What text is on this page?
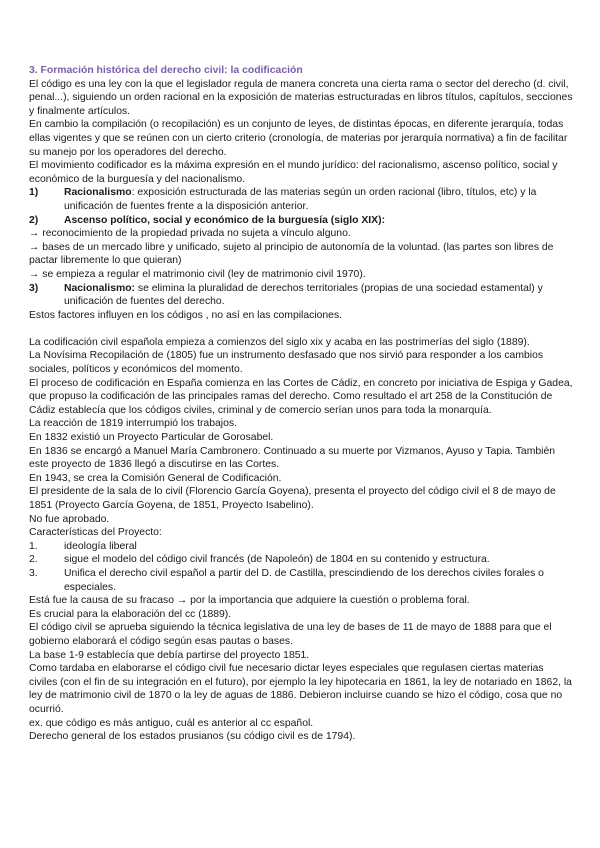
3. Formación histórica del derecho civil: la codificación

El código es una ley con la que el legislador regula de manera concreta una cierta rama o sector del derecho (d. civil, penal...), siguiendo un orden racional en la exposición de materias estructuradas en libros títulos, capítulos, secciones y finalmente artículos.

En cambio la compilación (o recopilación) es un conjunto de leyes, de distintas épocas, en diferente jerarquía, todas ellas vigentes y que se reúnen con un cierto criterio (cronología, de materias por jerarquía normativa) a fin de facilitar su manejo por los operadores del derecho.

El movimiento codificador es la máxima expresión en el mundo jurídico: del racionalismo, ascenso político, social y económico de la burguesía y del nacionalismo.

1)	Racionalismo: exposición estructurada de las materias según un orden racional (libro, títulos, etc) y la unificación de fuentes frente a la disposición anterior.
2)	Ascenso político, social y económico de la burguesía (siglo XIX):

→ reconocimiento de la propiedad privada no sujeta a vínculo alguno.

→ bases de un mercado libre y unificado, sujeto al principio de autonomía de la voluntad. (las partes son libres de pactar libremente lo que quieran)

→ se empieza a regular el matrimonio civil (ley de matrimonio civil 1970).

3)	Nacionalismo: se elimina la pluralidad de derechos territoriales (propias de una sociedad estamental) y unificación de fuentes del derecho.

Estos factores influyen en los códigos , no así en las compilaciones.

La codificación civil española empieza a comienzos del siglo xix y acaba en las postrimerías del siglo (1889).

La Novísima Recopilación de (1805) fue un instrumento desfasado que nos sirvió para responder a los cambios sociales, políticos y económicos del momento.

El proceso de codificación en España comienza en las Cortes de Cádiz, en concreto por iniciativa de Espiga y Gadea, que propuso la codificación de las principales ramas del derecho. Como resultado el art 258 de la Constitución de Cádiz establecía que los códigos civiles, criminal y de comercio serían unos para toda la monarquía.

La reacción de 1819 interrumpió los trabajos.

En 1832 existió un Proyecto Particular de Gorosabel.

En 1836 se encargó a Manuel María Cambronero. Continuado a su muerte por Vizmanos, Ayuso y Tapia. También este proyecto de 1836 llegó a discutirse en las Cortes.

En 1943, se crea la Comisión General de Codificación.

El presidente de la sala de lo civil (Florencio García Goyena), presenta el proyecto del código civil el 8 de mayo de 1851 (Proyecto García Goyena, de 1851, Proyecto Isabelino).

No fue aprobado.

Características del Proyecto:

1.	ideología liberal
2.	sigue el modelo del código civil francés (de Napoleón) de 1804 en su contenido y estructura.
3.	Unifica el derecho civil español a partir del D. de Castilla, prescindiendo de los derechos civiles forales o especiales.

Está fue la causa de su fracaso → por la importancia que adquiere la cuestión o problema foral.

Es crucial para la elaboración del cc (1889).

El código civil se aprueba siguiendo la técnica legislativa de una ley de bases de 11 de mayo de 1888 para que el gobierno elaborará el código según esas pautas o bases.

La base 1-9 establecía que debía partirse del proyecto 1851.

Como tardaba en elaborarse el código civil fue necesario dictar leyes especiales que regulasen ciertas materias civiles (con el fin de su integración en el futuro), por ejemplo la ley hipotecaria en 1861, la ley de notariado en 1862, la ley de matrimonio civil de 1870 o la ley de aguas de 1886. Debieron incluirse cuando se hizo el código, cosa que no ocurrió.

ex. que código es más antiguo, cuál es anterior al cc español.

Derecho general de los estados prusianos (su código civil es de 1794).
